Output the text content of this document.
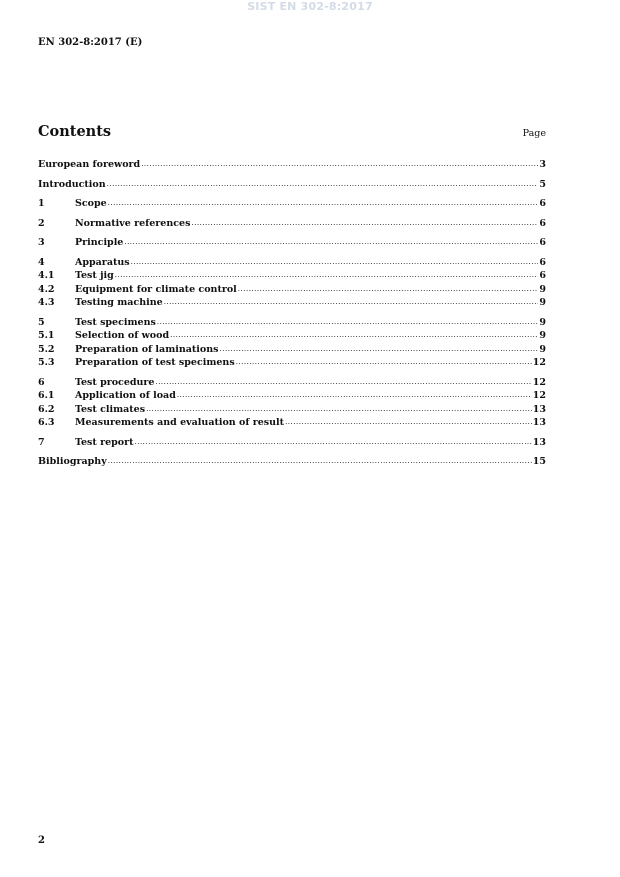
SIST EN 302-8:2017
EN 302-8:2017 (E)
Contents	Page
European foreword .....	3
Introduction .....	5
1	Scope .....	6
2	Normative references .....	6
3	Principle .....	6
4	Apparatus .....	6
4.1	Test jig .....	6
4.2	Equipment for climate control .....	9
4.3	Testing machine .....	9
5	Test specimens .....	9
5.1	Selection of wood .....	9
5.2	Preparation of laminations .....	9
5.3	Preparation of test specimens .....	12
6	Test procedure .....	12
6.1	Application of load .....	12
6.2	Test climates .....	13
6.3	Measurements and evaluation of result .....	13
7	Test report .....	13
Bibliography .....	15
2
